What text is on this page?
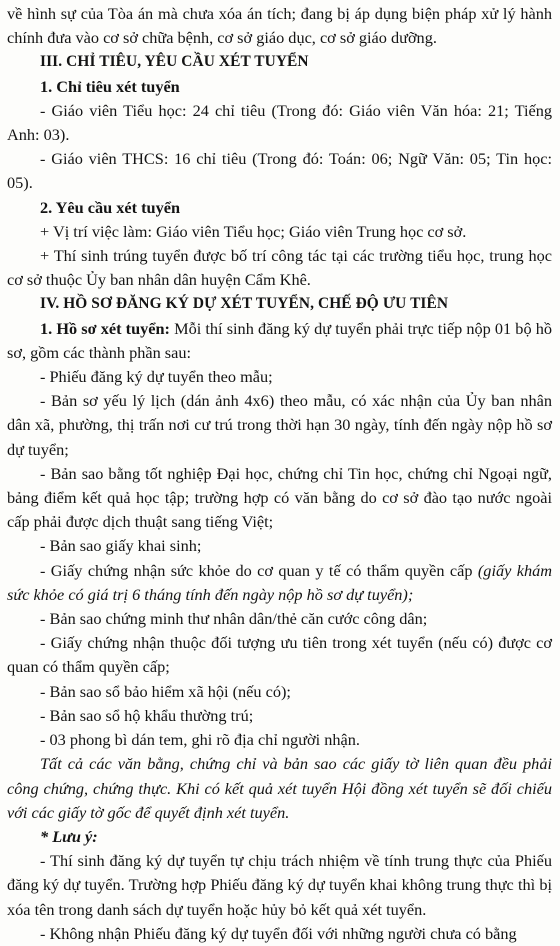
về hình sự của Tòa án mà chưa xóa án tích; đang bị áp dụng biện pháp xử lý hành chính đưa vào cơ sở chữa bệnh, cơ sở giáo dục, cơ sở giáo dưỡng.

III. CHỈ TIÊU, YÊU CẦU XÉT TUYỂN

1. Chỉ tiêu xét tuyển

- Giáo viên Tiểu học: 24 chỉ tiêu (Trong đó: Giáo viên Văn hóa: 21; Tiếng Anh: 03).

- Giáo viên THCS: 16 chỉ tiêu (Trong đó: Toán: 06; Ngữ Văn: 05; Tin học: 05).

2. Yêu cầu xét tuyển

+ Vị trí việc làm: Giáo viên Tiểu học; Giáo viên Trung học cơ sở.

+ Thí sinh trúng tuyển được bố trí công tác tại các trường tiểu học, trung học cơ sở thuộc Ủy ban nhân dân huyện Cẩm Khê.

IV. HỒ SƠ ĐĂNG KÝ DỰ XÉT TUYỂN, CHẾ ĐỘ ƯU TIÊN

1. Hồ sơ xét tuyển: Mỗi thí sinh đăng ký dự tuyển phải trực tiếp nộp 01 bộ hồ sơ, gồm các thành phần sau:

- Phiếu đăng ký dự tuyển theo mẫu;

- Bản sơ yếu lý lịch (dán ảnh 4x6) theo mẫu, có xác nhận của Ủy ban nhân dân xã, phường, thị trấn nơi cư trú trong thời hạn 30 ngày, tính đến ngày nộp hồ sơ dự tuyển;

- Bản sao bằng tốt nghiệp Đại học, chứng chỉ Tin học, chứng chỉ Ngoại ngữ, bảng điểm kết quả học tập; trường hợp có văn bằng do cơ sở đào tạo nước ngoài cấp phải được dịch thuật sang tiếng Việt;

- Bản sao giấy khai sinh;

- Giấy chứng nhận sức khỏe do cơ quan y tế có thẩm quyền cấp (giấy khám sức khỏe có giá trị 6 tháng tính đến ngày nộp hồ sơ dự tuyển);

- Bản sao chứng minh thư nhân dân/thẻ căn cước công dân;

- Giấy chứng nhận thuộc đối tượng ưu tiên trong xét tuyển (nếu có) được cơ quan có thẩm quyền cấp;

- Bản sao sổ bảo hiểm xã hội (nếu có);

- Bản sao sổ hộ khẩu thường trú;

- 03 phong bì dán tem, ghi rõ địa chỉ người nhận.

Tất cả các văn bằng, chứng chỉ và bản sao các giấy tờ liên quan đều phải công chứng, chứng thực. Khi có kết quả xét tuyển Hội đồng xét tuyển sẽ đối chiếu với các giấy tờ gốc để quyết định xét tuyển.

* Lưu ý:

- Thí sinh đăng ký dự tuyển tự chịu trách nhiệm về tính trung thực của Phiếu đăng ký dự tuyển. Trường hợp Phiếu đăng ký dự tuyển khai không trung thực thì bị xóa tên trong danh sách dự tuyển hoặc hủy bỏ kết quả xét tuyển.

- Không nhận Phiếu đăng ký dự tuyển đối với những người chưa có bằng
